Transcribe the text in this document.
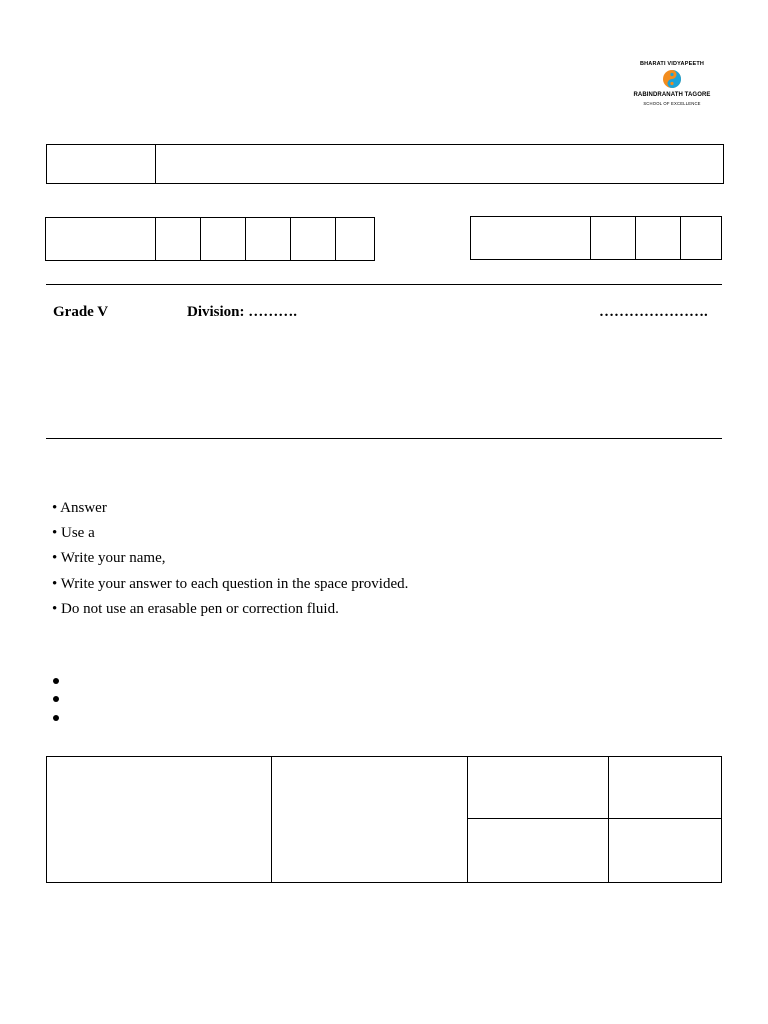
BHARATI VIDYAPEETH
RABINDRANATH TAGORE
SCHOOL OF EXCELLENCE
Grade V	Division: ……….	………………….
• Answer
• Use a
• Write your name,
• Write your answer to each question in the space provided.
• Do not use an erasable pen or correction fluid.
